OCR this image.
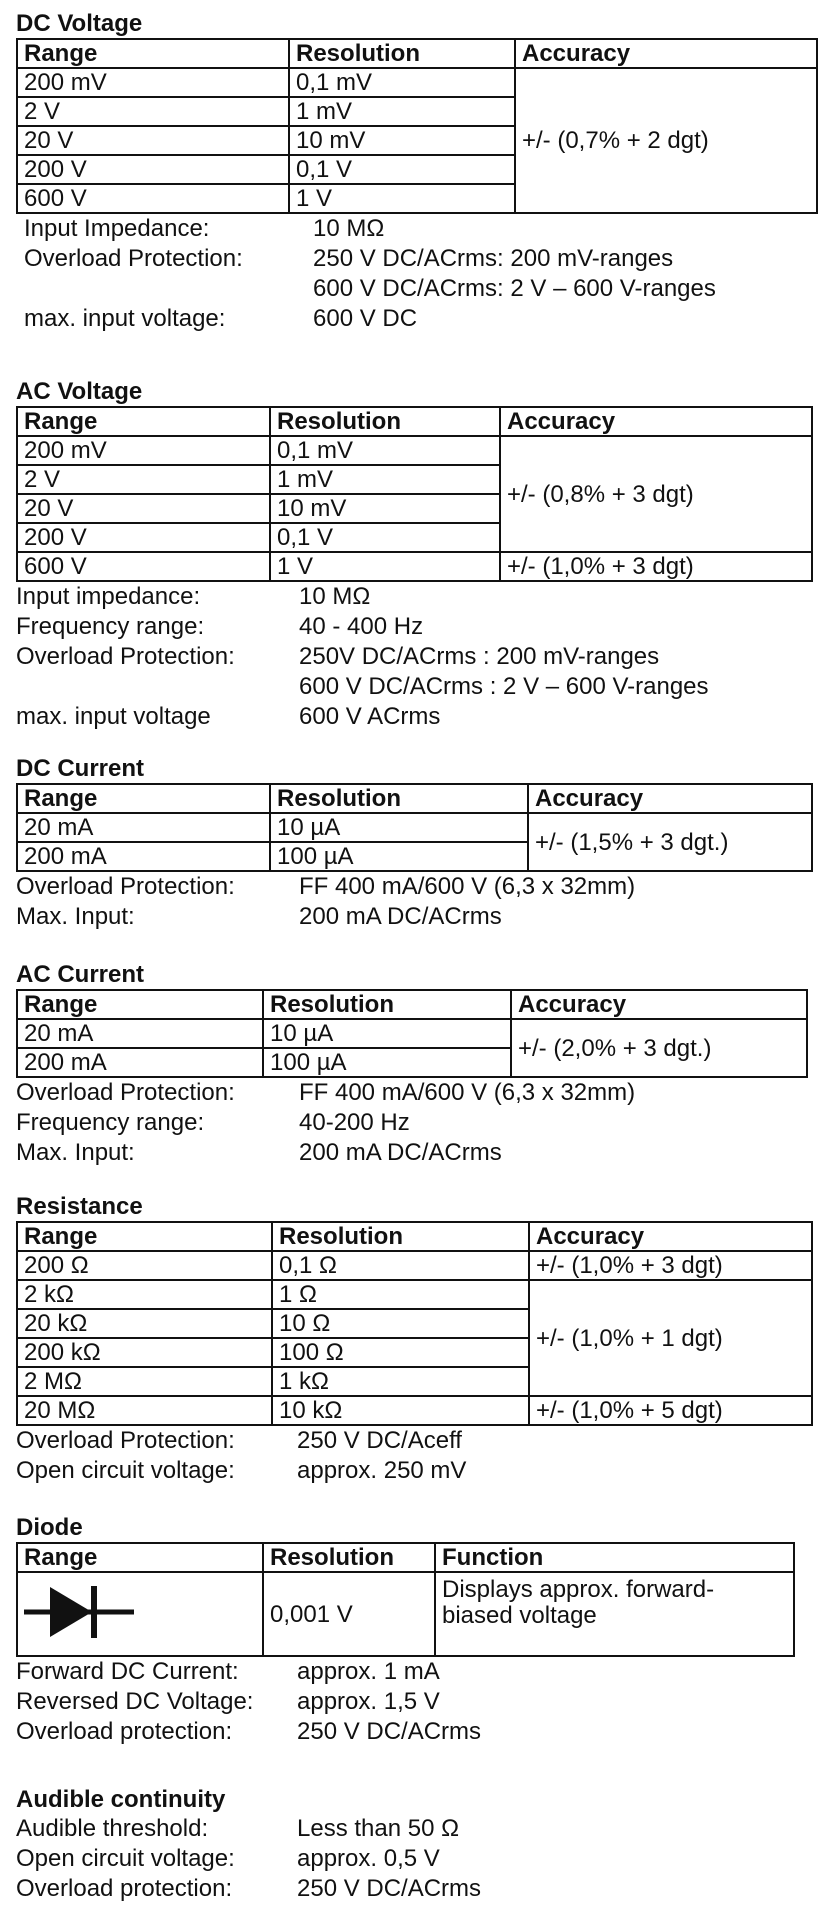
DC Voltage
Range	Resolution	Accuracy
200 mV	0,1 mV	+/- (0,7% + 2 dgt)
2 V	1 mV	
20 V	10 mV	
200 V	0,1 V	
600 V	1 V	
Input Impedance:	10 MΩ
Overload Protection:	250 V DC/ACrms: 200 mV-ranges
600 V DC/ACrms: 2 V – 600 V-ranges
max. input voltage:	600 V DC
AC Voltage
Range	Resolution	Accuracy
200 mV	0,1 mV	+/- (0,8% + 3 dgt)
2 V	1 mV	
20 V	10 mV	
200 V	0,1 V	
600 V	1 V	+/- (1,0% + 3 dgt)
Input impedance:	10 MΩ
Frequency range:	40 - 400 Hz
Overload Protection:	250V DC/ACrms : 200 mV-ranges
600 V DC/ACrms : 2 V – 600 V-ranges
max. input voltage	600 V ACrms
DC Current
Range	Resolution	Accuracy
20 mA	10 µA	+/- (1,5% + 3 dgt.)
200 mA	100 µA	
Overload Protection:	FF 400 mA/600 V (6,3 x 32mm)
Max. Input:	200 mA DC/ACrms
AC Current
Range	Resolution	Accuracy
20 mA	10 µA	+/- (2,0% + 3 dgt.)
200 mA	100 µA	
Overload Protection:	FF 400 mA/600 V (6,3 x 32mm)
Frequency range:	40-200 Hz
Max. Input:	200 mA DC/ACrms
Resistance
Range	Resolution	Accuracy
200 Ω	0,1 Ω	+/- (1,0% + 3 dgt)
2 kΩ	1 Ω	+/- (1,0% + 1 dgt)
20 kΩ	10 Ω	
200 kΩ	100 Ω	
2 MΩ	1 kΩ	
20 MΩ	10 kΩ	+/- (1,0% + 5 dgt)
Overload Protection:	250 V DC/Aceff
Open circuit voltage:	approx. 250 mV
Diode
Range	Resolution	Function
	0,001 V	Displays approx. forward-
biased voltage
Forward DC Current:	approx. 1 mA
Reversed DC Voltage:	approx. 1,5 V
Overload protection:	250 V DC/ACrms
Audible continuity
Audible threshold:	Less than 50 Ω
Open circuit voltage:	approx. 0,5 V
Overload protection:	250 V DC/ACrms
